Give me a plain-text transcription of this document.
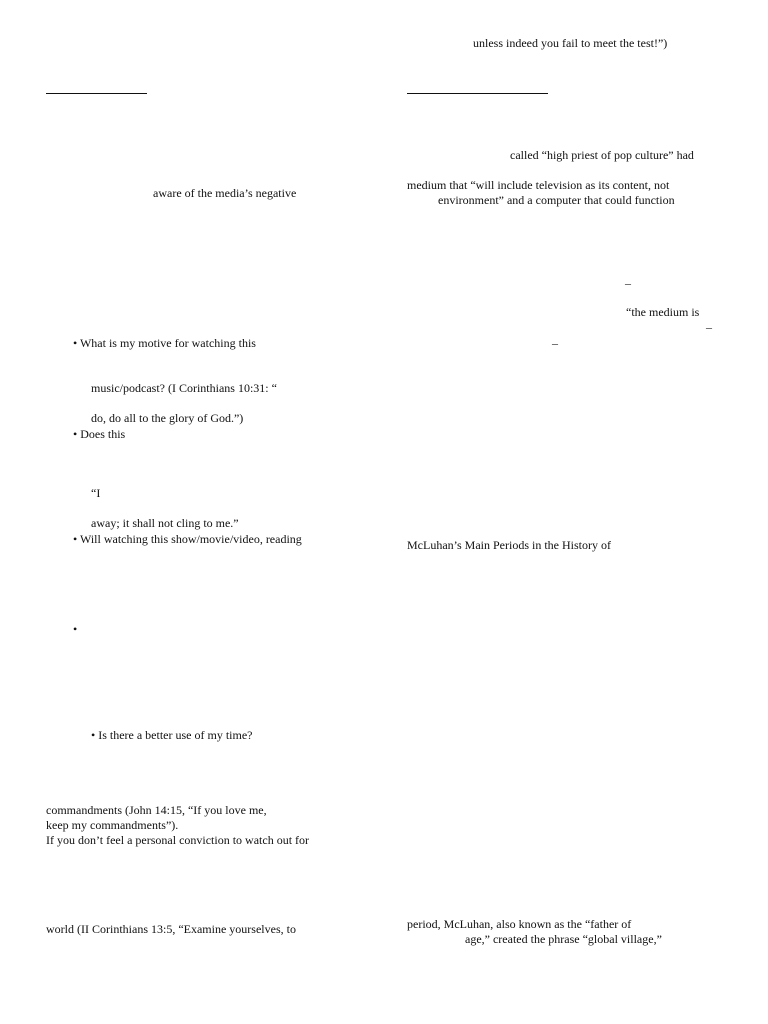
unless indeed you fail to meet the test!”)
called “high priest of pop culture” had
medium that “will include television as its content, not
environment” and a computer that could function
–
“the medium is
–
–
McLuhan’s Main Periods in the History of
period, McLuhan, also known as the “father of
age,” created the phrase “global village,”
aware of the media’s negative
• What is my motive for watching this
music/podcast? (I Corinthians 10:31: “
do, do all to the glory of God.”)
• Does this
“I
away; it shall not cling to me.”
• Will watching this show/movie/video, reading
•
• Is there a better use of my time?
commandments (John 14:15, “If you love me,
keep my commandments”).
If you don’t feel a personal conviction to watch out for
world (II Corinthians 13:5, “Examine yourselves, to
